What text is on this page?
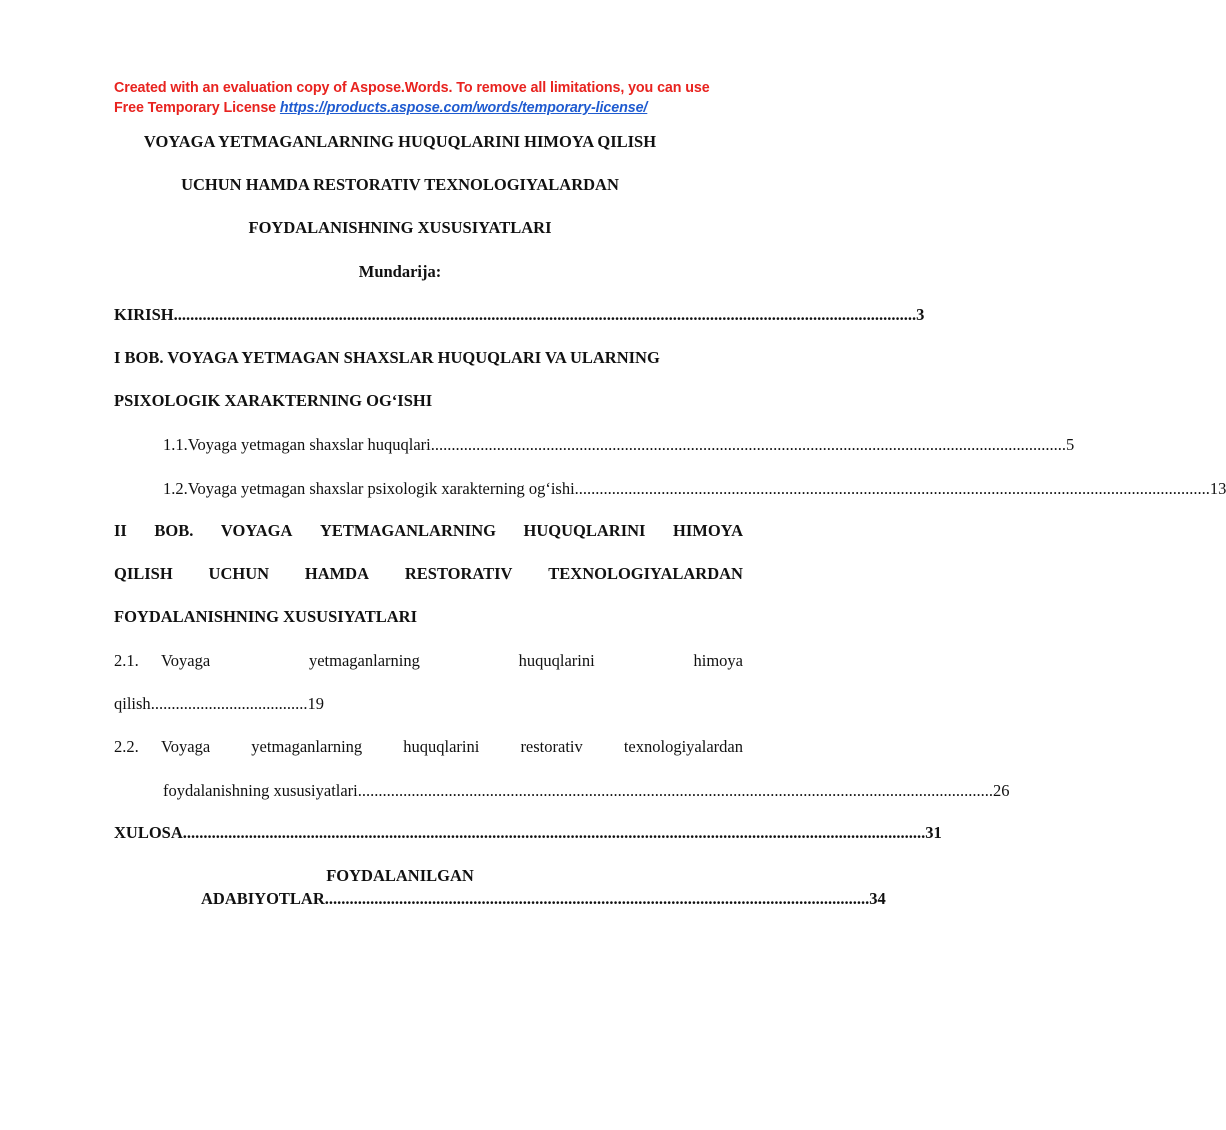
Created with an evaluation copy of Aspose.Words. To remove all limitations, you can use
Free Temporary License https://products.aspose.com/words/temporary-license/
VOYAGA YETMAGANLARNING HUQUQLARINI HIMOYA QILISH
UCHUN HAMDA RESTORATIV TEXNOLOGIYALARDAN
FOYDALANISHNING XUSUSIYATLARI
Mundarija:
KIRISH .................................................................................................................................................................................... 3
I BOB. VOYAGA YETMAGAN SHAXSLAR HUQUQLARI VA ULARNING
PSIXOLOGIK XARAKTERNING OG‘ISHI
1.1. Voyaga yetmagan shaxslar huquqlari .......................................................................................................................................................... 5
1.2. Voyaga yetmagan shaxslar psixologik xarakterning og‘ishi .......................................................................................................................................................... 13
II BOB. VOYAGA YETMAGANLARNING HUQUQLARINI HIMOYA
QILISH UCHUN HAMDA RESTORATIV TEXNOLOGIYALARDAN
FOYDALANISHNING XUSUSIYATLARI
2.1. Voyaga	yetmaganlarning	huquqlarini	himoya
qilish......................................19
2.2. Voyaga yetmaganlarning huquqlarini restorativ texnologiyalardan
foydalanishning xususiyatlari .......................................................................................................................................................... 26
XULOSA .................................................................................................................................................................................... 31
FOYDALANILGAN
ADABIYOTLAR .................................................................................................................................... 34
